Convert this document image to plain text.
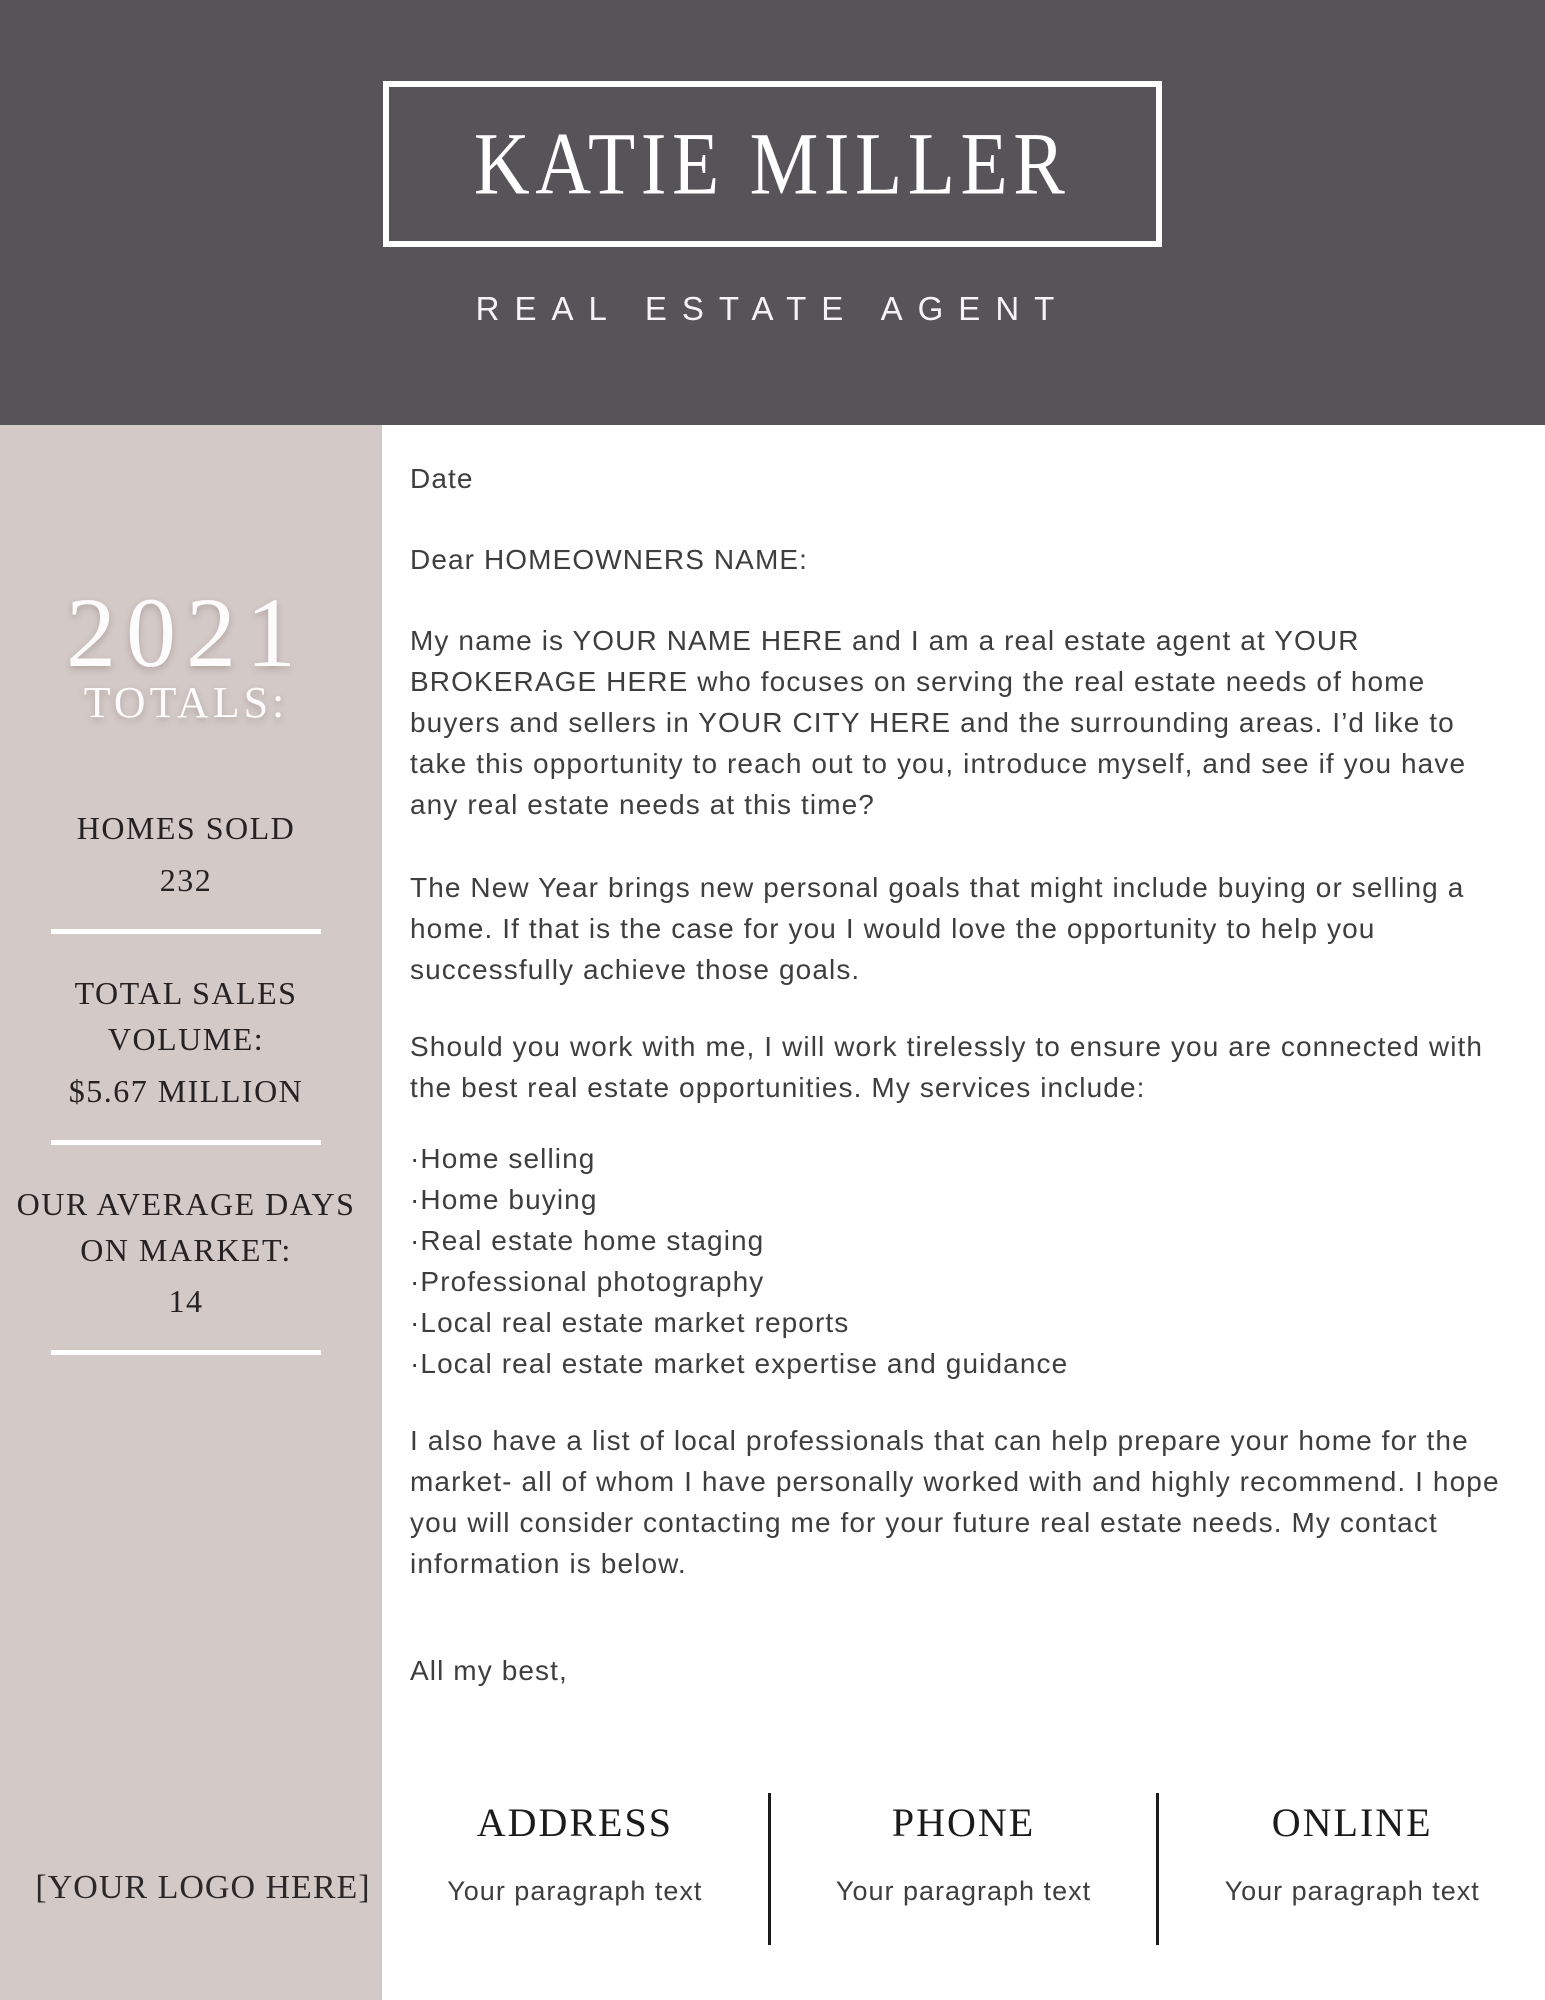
KATIE MILLER
REAL ESTATE AGENT
2021
TOTALS:
HOMES SOLD
232
TOTAL SALES VOLUME:
$5.67 MILLION
OUR AVERAGE DAYS ON MARKET:
14
[YOUR LOGO HERE]
Date
Dear HOMEOWNERS NAME:

My name is YOUR NAME HERE and I am a real estate agent at YOUR BROKERAGE HERE who focuses on serving the real estate needs of home buyers and sellers in YOUR CITY HERE and the surrounding areas. I’d like to take this opportunity to reach out to you, introduce myself, and see if you have any real estate needs at this time?

The New Year brings new personal goals that might include buying or selling a home. If that is the case for you I would love the opportunity to help you successfully achieve those goals.

Should you work with me, I will work tirelessly to ensure you are connected with the best real estate opportunities. My services include:

·Home selling
·Home buying
·Real estate home staging
·Professional photography
·Local real estate market reports
·Local real estate market expertise and guidance

I also have a list of local professionals that can help prepare your home for the market- all of whom I have personally worked with and highly recommend. I hope you will consider contacting me for your future real estate needs. My contact information is below.

All my best,
ADDRESS
Your paragraph text
PHONE
Your paragraph text
ONLINE
Your paragraph text
